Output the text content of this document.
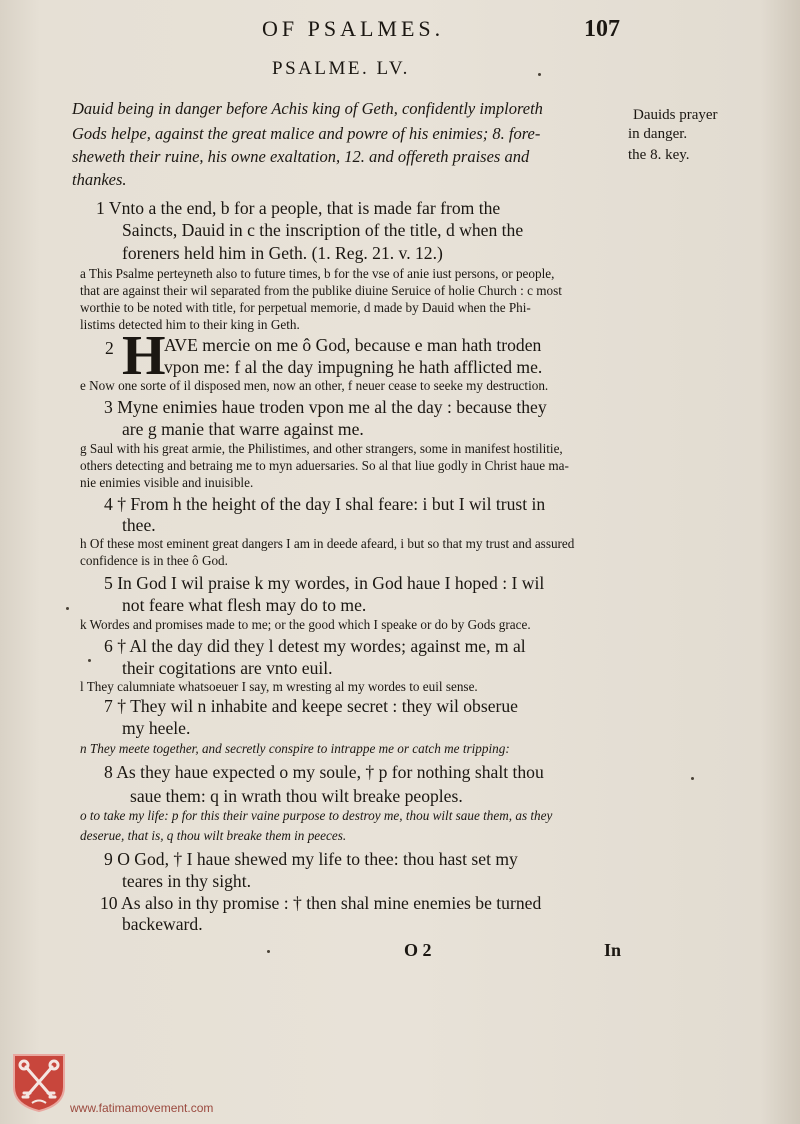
OF PSALMES.	107
PSALME. LV.
Dauid being in danger before Achis king of Geth, confidently imploreth
Gods helpe, against the great malice and powre of his enimies; 8. fore-
sheweth their ruine, his owne exaltation, 12. and offereth praises and
thankes.
Dauids prayer
in danger.
the 8. key.
1 Vnto a the end, b for a people, that is made far from the
Saincts, Dauid in c the inscription of the title, d when the
foreners held him in Geth. (1. Reg. 21. v. 12.)
a This Psalme perteyneth also to future times, b for the vse of anie iust persons, or people,
that are against their wil separated from the publike diuine Seruice of holie Church : c most
worthie to be noted with title, for perpetual memorie, d made by Dauid when the Phi-
listims detected him to their king in Geth.
2 H
AVE mercie on me ô God, because e man hath troden
vpon me: f al the day impugning he hath afflicted me.
e Now one sorte of il disposed men, now an other, f neuer cease to seeke my destruction.
3 Myne enimies haue troden vpon me al the day : because they
are g manie that warre against me.
g Saul with his great armie, the Philistimes, and other strangers, some in manifest hostilitie,
others detecting and betraing me to myn aduersaries. So al that liue godly in Christ haue ma-
nie enimies visible and inuisible.
4 † From h the height of the day I shal feare: i but I wil trust in
thee.
h Of these most eminent great dangers I am in deede afeard, i but so that my trust and assured
confidence is in thee ô God.
5 In God I wil praise k my wordes, in God haue I hoped : I wil
not feare what flesh may do to me.
k Wordes and promises made to me; or the good which I speake or do by Gods grace.
6 † Al the day did they l detest my wordes; against me, m al
their cogitations are vnto euil.
l They calumniate whatsoeuer I say, m wresting al my wordes to euil sense.
7 † They wil n inhabite and keepe secret : they wil obserue
my heele.
n They meete together, and secretly conspire to intrappe me or catch me tripping:
8 As they haue expected o my soule, † p for nothing shalt thou
saue them: q in wrath thou wilt breake peoples.
o to take my life: p for this their vaine purpose to destroy me, thou wilt saue them, as they
deserue, that is, q thou wilt breake them in peeces.
9 O God, † I haue shewed my life to thee: thou hast set my
teares in thy sight.
10 As also in thy promise : † then shal mine enemies be turned
backeward.
O 2	In
www.fatimamovement.com
